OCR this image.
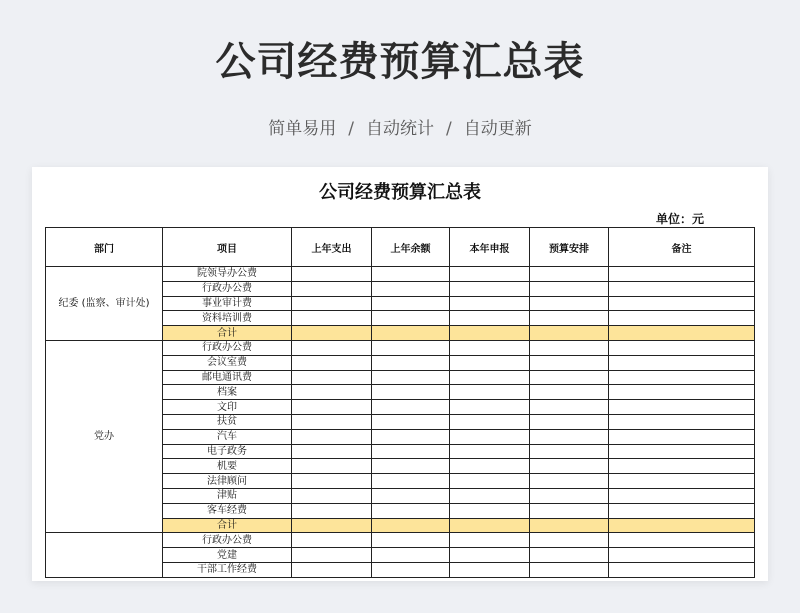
公司经费预算汇总表
简单易用 / 自动统计 / 自动更新
公司经费预算汇总表
单位：元
部门	项目	上年支出	上年余额	本年申报	预算安排	备注
纪委 (监察、审计处)	院领导办公费					
	行政办公费					
	事业审计费					
	资料培训费					
	合计					
党办	行政办公费					
	会议室费					
	邮电通讯费					
	档案					
	文印					
	扶贫					
	汽车					
	电子政务					
	机要					
	法律顾问					
	津贴					
	客车经费					
	合计					
	行政办公费					
	党建					
	干部工作经费					
